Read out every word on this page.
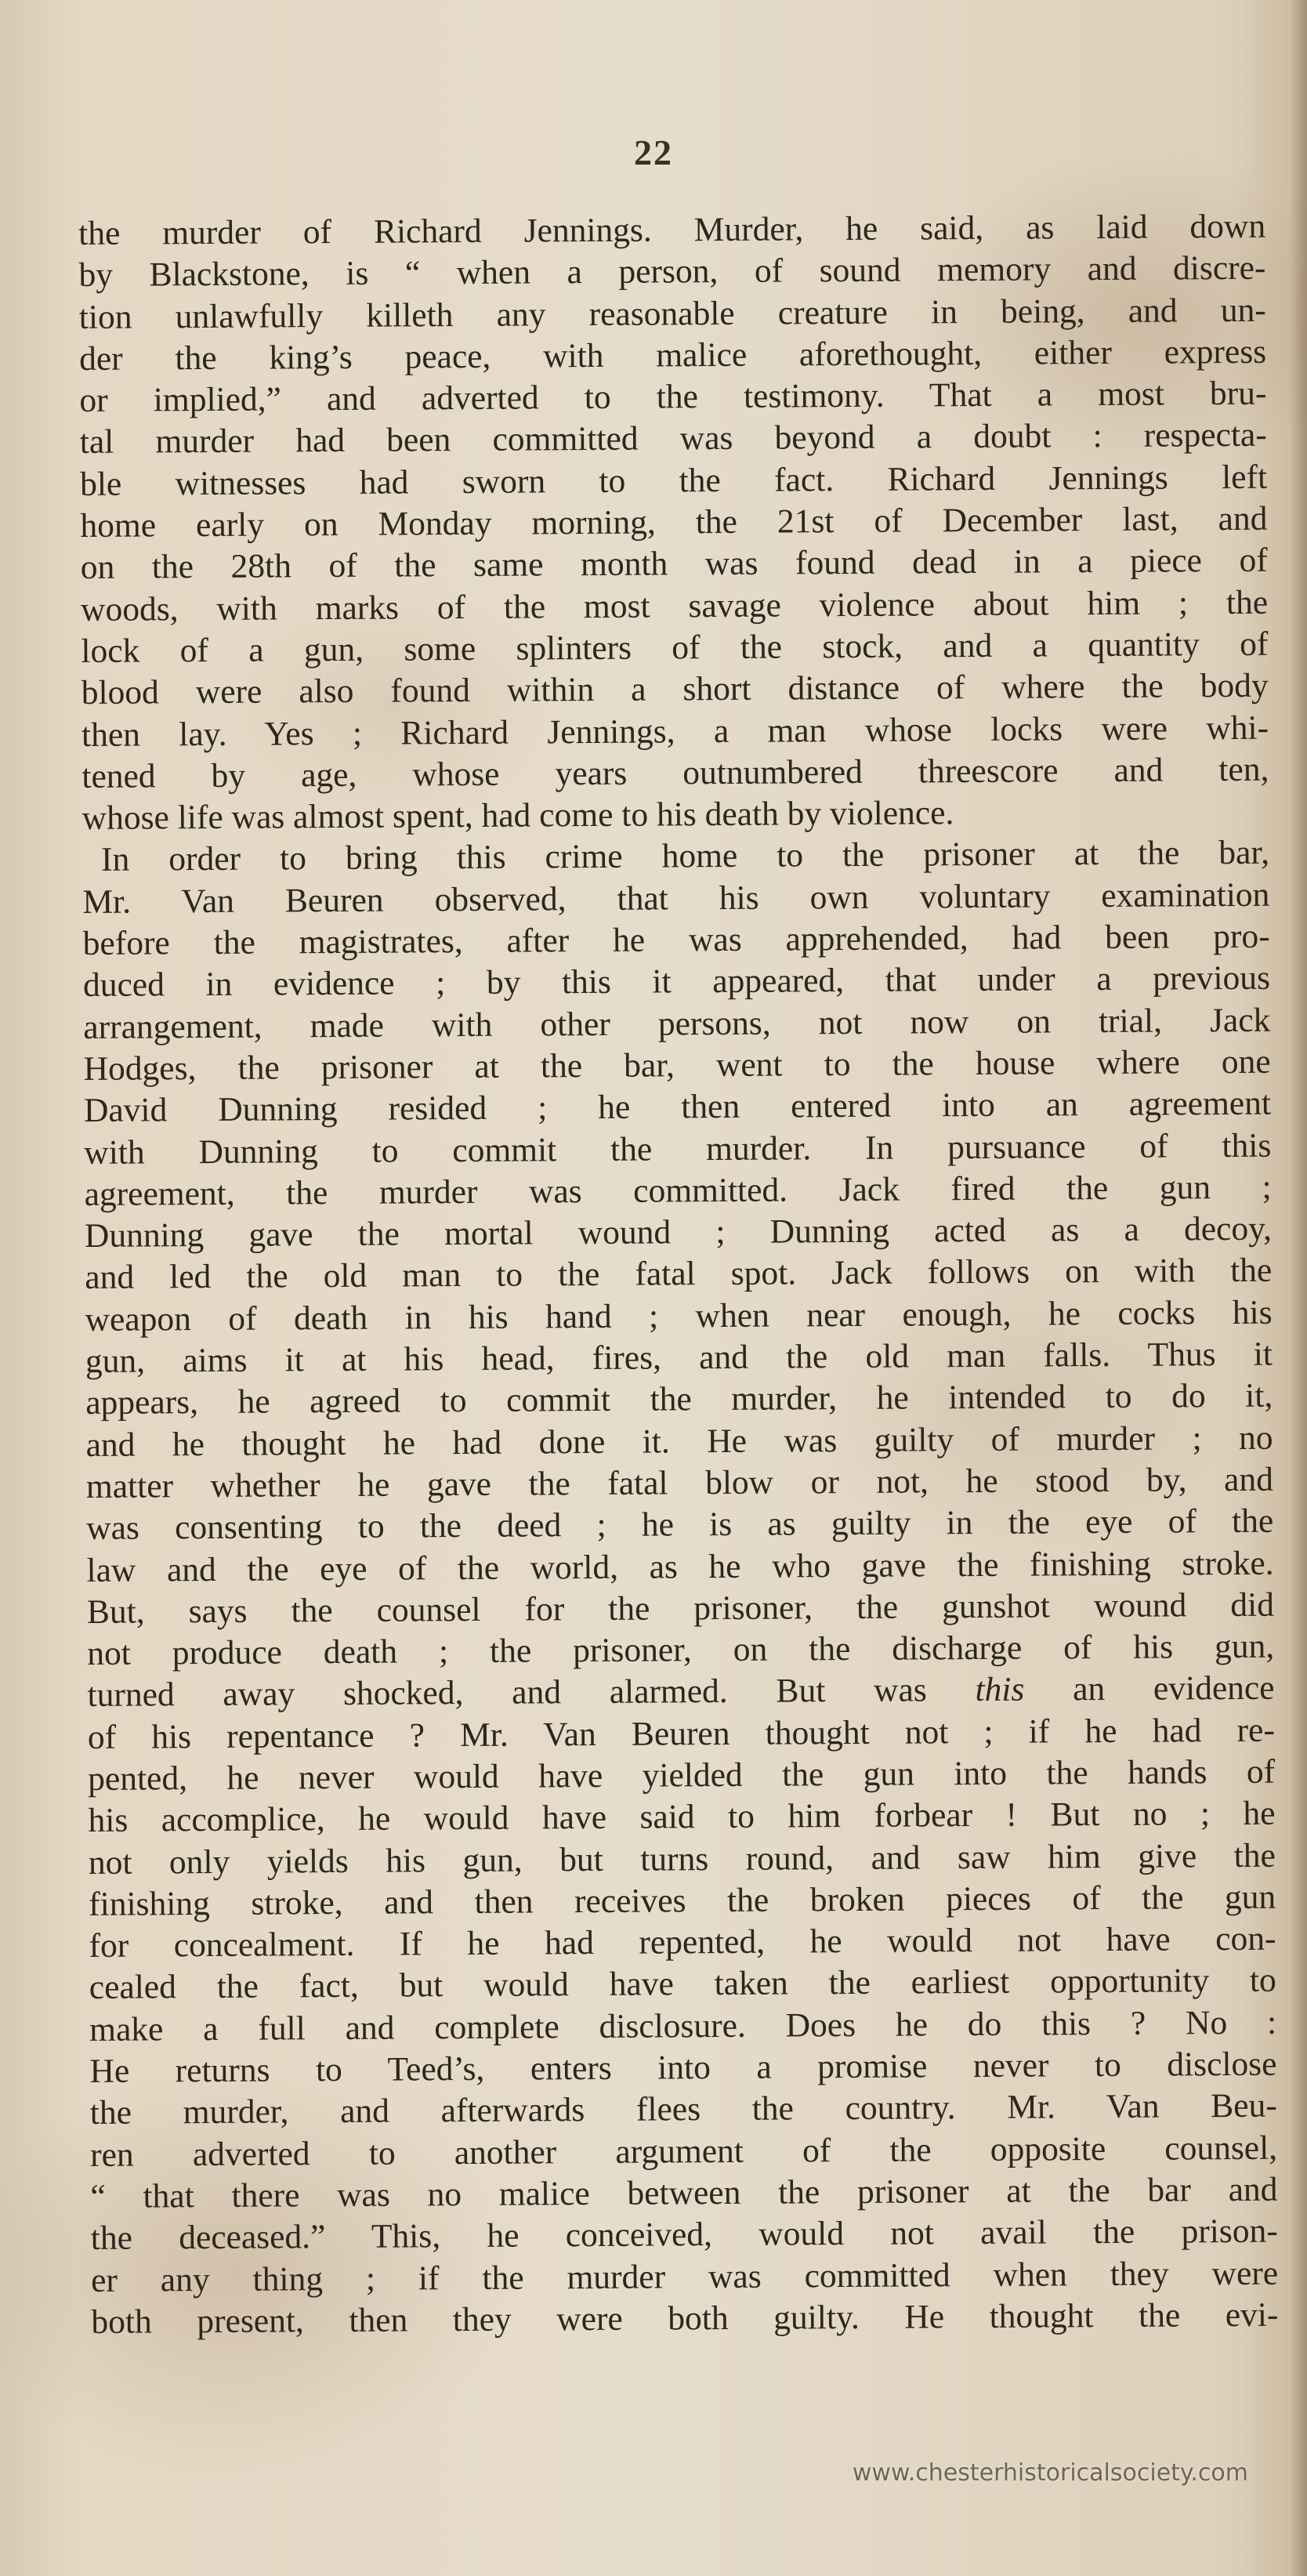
22
the murder of Richard Jennings. Murder, he said, as laid down
by Blackstone, is “ when a person, of sound memory and discre-
tion unlawfully killeth any reasonable creature in being, and un-
der the king’s peace, with malice aforethought, either express
or implied,” and adverted to the testimony. That a most bru-
tal murder had been committed was beyond a doubt : respecta-
ble witnesses had sworn to the fact. Richard Jennings left
home early on Monday morning, the 21st of December last, and
on the 28th of the same month was found dead in a piece of
woods, with marks of the most savage violence about him ; the
lock of a gun, some splinters of the stock, and a quantity of
blood were also found within a short distance of where the body
then lay. Yes ; Richard Jennings, a man whose locks were whi-
tened by age, whose years outnumbered threescore and ten,
whose life was almost spent, had come to his death by violence.
In order to bring this crime home to the prisoner at the bar,
Mr. Van Beuren observed, that his own voluntary examination
before the magistrates, after he was apprehended, had been pro-
duced in evidence ; by this it appeared, that under a previous
arrangement, made with other persons, not now on trial, Jack
Hodges, the prisoner at the bar, went to the house where one
David Dunning resided ; he then entered into an agreement
with Dunning to commit the murder. In pursuance of this
agreement, the murder was committed. Jack fired the gun ;
Dunning gave the mortal wound ; Dunning acted as a decoy,
and led the old man to the fatal spot. Jack follows on with the
weapon of death in his hand ; when near enough, he cocks his
gun, aims it at his head, fires, and the old man falls. Thus it
appears, he agreed to commit the murder, he intended to do it,
and he thought he had done it. He was guilty of murder ; no
matter whether he gave the fatal blow or not, he stood by, and
was consenting to the deed ; he is as guilty in the eye of the
law and the eye of the world, as he who gave the finishing stroke.
But, says the counsel for the prisoner, the gunshot wound did
not produce death ; the prisoner, on the discharge of his gun,
turned away shocked, and alarmed. But was this an evidence
of his repentance ? Mr. Van Beuren thought not ; if he had re-
pented, he never would have yielded the gun into the hands of
his accomplice, he would have said to him forbear ! But no ; he
not only yields his gun, but turns round, and saw him give the
finishing stroke, and then receives the broken pieces of the gun
for concealment. If he had repented, he would not have con-
cealed the fact, but would have taken the earliest opportunity to
make a full and complete disclosure. Does he do this ? No :
He returns to Teed’s, enters into a promise never to disclose
the murder, and afterwards flees the country. Mr. Van Beu-
ren adverted to another argument of the opposite counsel,
“ that there was no malice between the prisoner at the bar and
the deceased.” This, he conceived, would not avail the prison-
er any thing ; if the murder was committed when they were
both present, then they were both guilty. He thought the evi-
www.chesterhistoricalsociety.com
